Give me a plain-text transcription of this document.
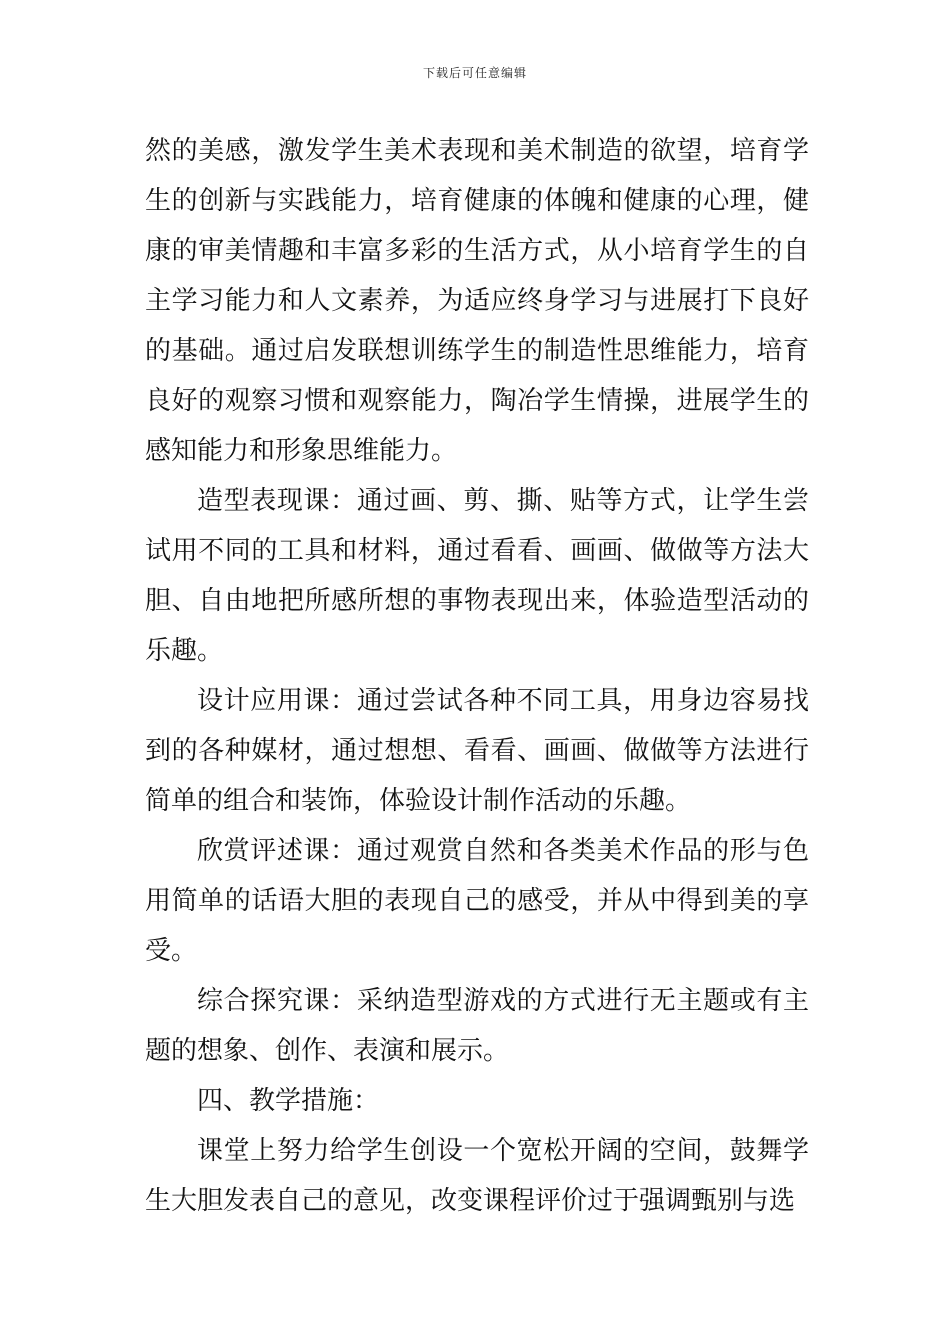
下载后可任意编辑

然的美感，激发学生美术表现和美术制造的欲望，培育学生的创新与实践能力，培育健康的体魄和健康的心理，健康的审美情趣和丰富多彩的生活方式，从小培育学生的自主学习能力和人文素养，为适应终身学习与进展打下良好的基础。通过启发联想训练学生的制造性思维能力，培育良好的观察习惯和观察能力，陶冶学生情操，进展学生的感知能力和形象思维能力。

造型表现课：通过画、剪、撕、贴等方式，让学生尝试用不同的工具和材料，通过看看、画画、做做等方法大胆、自由地把所感所想的事物表现出来，体验造型活动的乐趣。

设计应用课：通过尝试各种不同工具，用身边容易找到的各种媒材，通过想想、看看、画画、做做等方法进行简单的组合和装饰，体验设计制作活动的乐趣。

欣赏评述课：通过观赏自然和各类美术作品的形与色用简单的话语大胆的表现自己的感受，并从中得到美的享受。

综合探究课：采纳造型游戏的方式进行无主题或有主题的想象、创作、表演和展示。

四、教学措施：

课堂上努力给学生创设一个宽松开阔的空间，鼓舞学生大胆发表自己的意见，改变课程评价过于强调甄别与选
